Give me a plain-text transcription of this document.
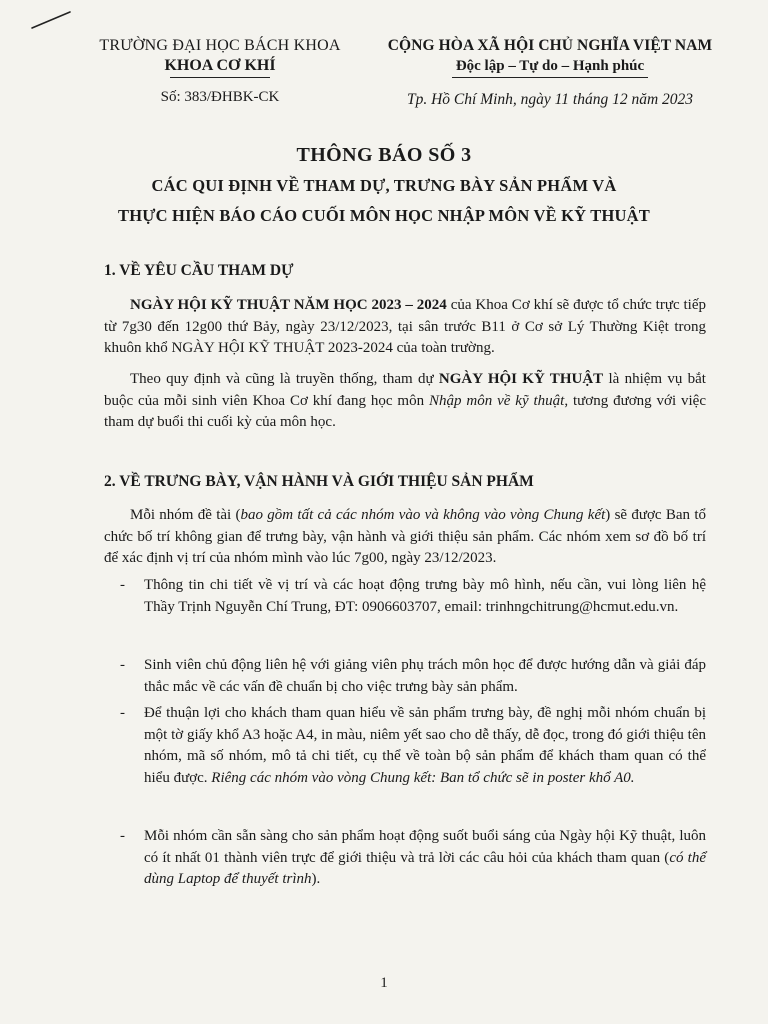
TRƯỜNG ĐẠI HỌC BÁCH KHOA
KHOA CƠ KHÍ
CỘNG HÒA XÃ HỘI CHỦ NGHĨA VIỆT NAM
Độc lập – Tự do – Hạnh phúc
Số: 383/ĐHBK-CK	Tp. Hồ Chí Minh, ngày 11 tháng 12 năm 2023
THÔNG BÁO SỐ 3
CÁC QUI ĐỊNH VỀ THAM DỰ, TRƯNG BÀY SẢN PHẨM VÀ
THỰC HIỆN BÁO CÁO CUỐI MÔN HỌC NHẬP MÔN VỀ KỸ THUẬT
1. VỀ YÊU CẦU THAM DỰ
NGÀY HỘI KỸ THUẬT NĂM HỌC 2023 – 2024 của Khoa Cơ khí sẽ được tổ chức trực tiếp từ 7g30 đến 12g00 thứ Bảy, ngày 23/12/2023, tại sân trước B11 ở Cơ sở Lý Thường Kiệt trong khuôn khổ NGÀY HỘI KỸ THUẬT 2023-2024 của toàn trường.
Theo quy định và cũng là truyền thống, tham dự NGÀY HỘI KỸ THUẬT là nhiệm vụ bắt buộc của mỗi sinh viên Khoa Cơ khí đang học môn Nhập môn về kỹ thuật, tương đương với việc tham dự buổi thi cuối kỳ của môn học.
2. VỀ TRƯNG BÀY, VẬN HÀNH VÀ GIỚI THIỆU SẢN PHẨM
Mỗi nhóm đề tài (bao gồm tất cả các nhóm vào và không vào vòng Chung kết) sẽ được Ban tổ chức bố trí không gian để trưng bày, vận hành và giới thiệu sản phẩm. Các nhóm xem sơ đồ bố trí để xác định vị trí của nhóm mình vào lúc 7g00, ngày 23/12/2023.
- Thông tin chi tiết về vị trí và các hoạt động trưng bày mô hình, nếu cần, vui lòng liên hệ Thầy Trịnh Nguyễn Chí Trung, ĐT: 0906603707, email: trinhngchitrung@hcmut.edu.vn.
- Sinh viên chủ động liên hệ với giảng viên phụ trách môn học để được hướng dẫn và giải đáp thắc mắc về các vấn đề chuẩn bị cho việc trưng bày sản phẩm.
- Để thuận lợi cho khách tham quan hiểu về sản phẩm trưng bày, đề nghị mỗi nhóm chuẩn bị một tờ giấy khổ A3 hoặc A4, in màu, niêm yết sao cho dễ thấy, dễ đọc, trong đó giới thiệu tên nhóm, mã số nhóm, mô tả chi tiết, cụ thể về toàn bộ sản phẩm để khách tham quan có thể hiểu được. Riêng các nhóm vào vòng Chung kết: Ban tổ chức sẽ in poster khổ A0.
- Mỗi nhóm cần sẵn sàng cho sản phẩm hoạt động suốt buổi sáng của Ngày hội Kỹ thuật, luôn có ít nhất 01 thành viên trực để giới thiệu và trả lời các câu hỏi của khách tham quan (có thể dùng Laptop để thuyết trình).
1
